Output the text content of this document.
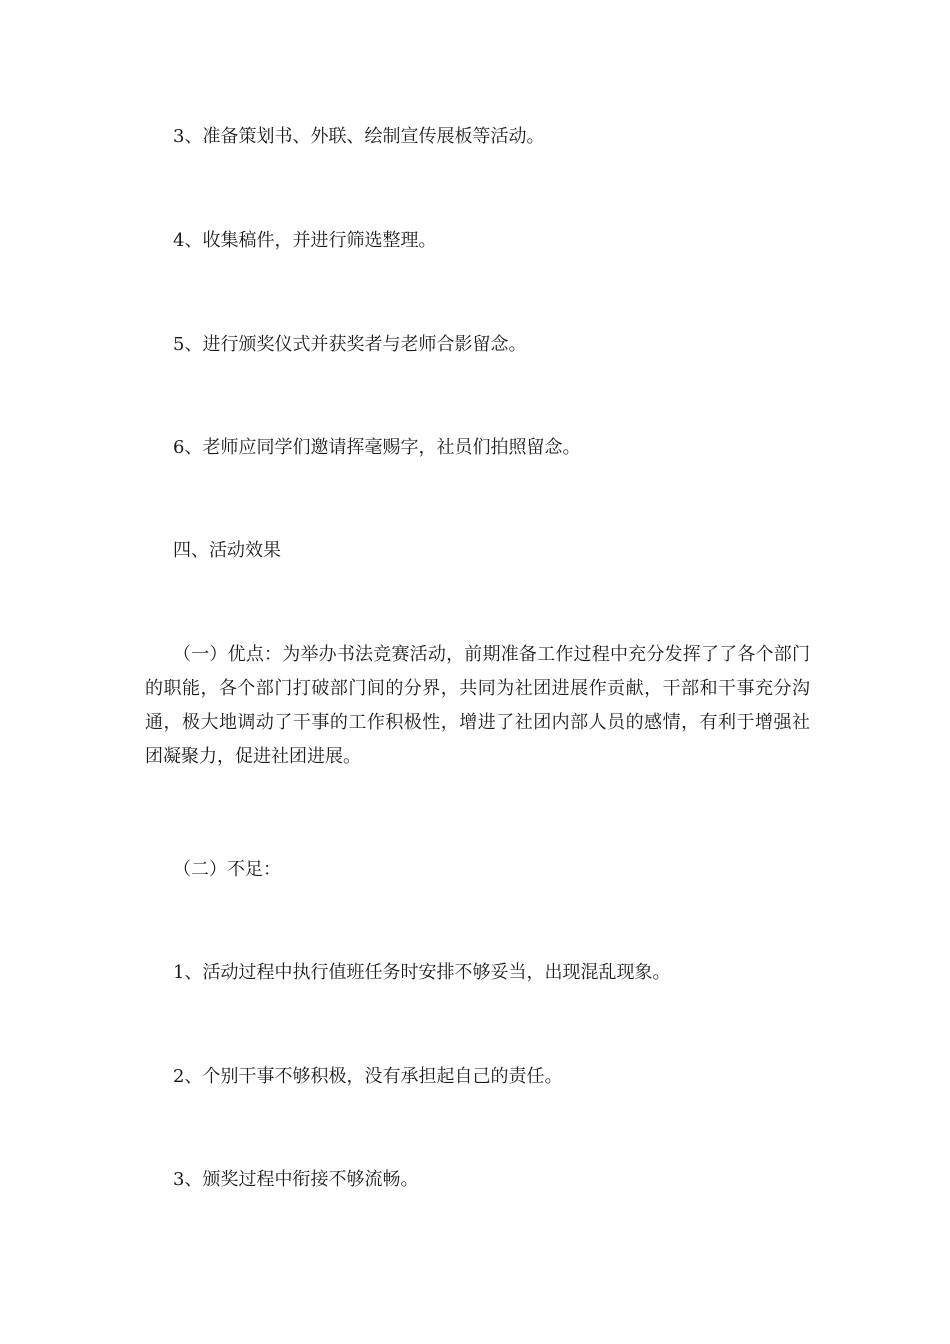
3、准备策划书、外联、绘制宣传展板等活动。
4、收集稿件，并进行筛选整理。
5、进行颁奖仪式并获奖者与老师合影留念。
6、老师应同学们邀请挥毫赐字，社员们拍照留念。
四、活动效果
（一）优点：为举办书法竞赛活动，前期准备工作过程中充分发挥了了各个部门的职能，各个部门打破部门间的分界，共同为社团进展作贡献，干部和干事充分沟通，极大地调动了干事的工作积极性，增进了社团内部人员的感情，有利于增强社团凝聚力，促进社团进展。
（二）不足：
1、活动过程中执行值班任务时安排不够妥当，出现混乱现象。
2、个别干事不够积极，没有承担起自己的责任。
3、颁奖过程中衔接不够流畅。
